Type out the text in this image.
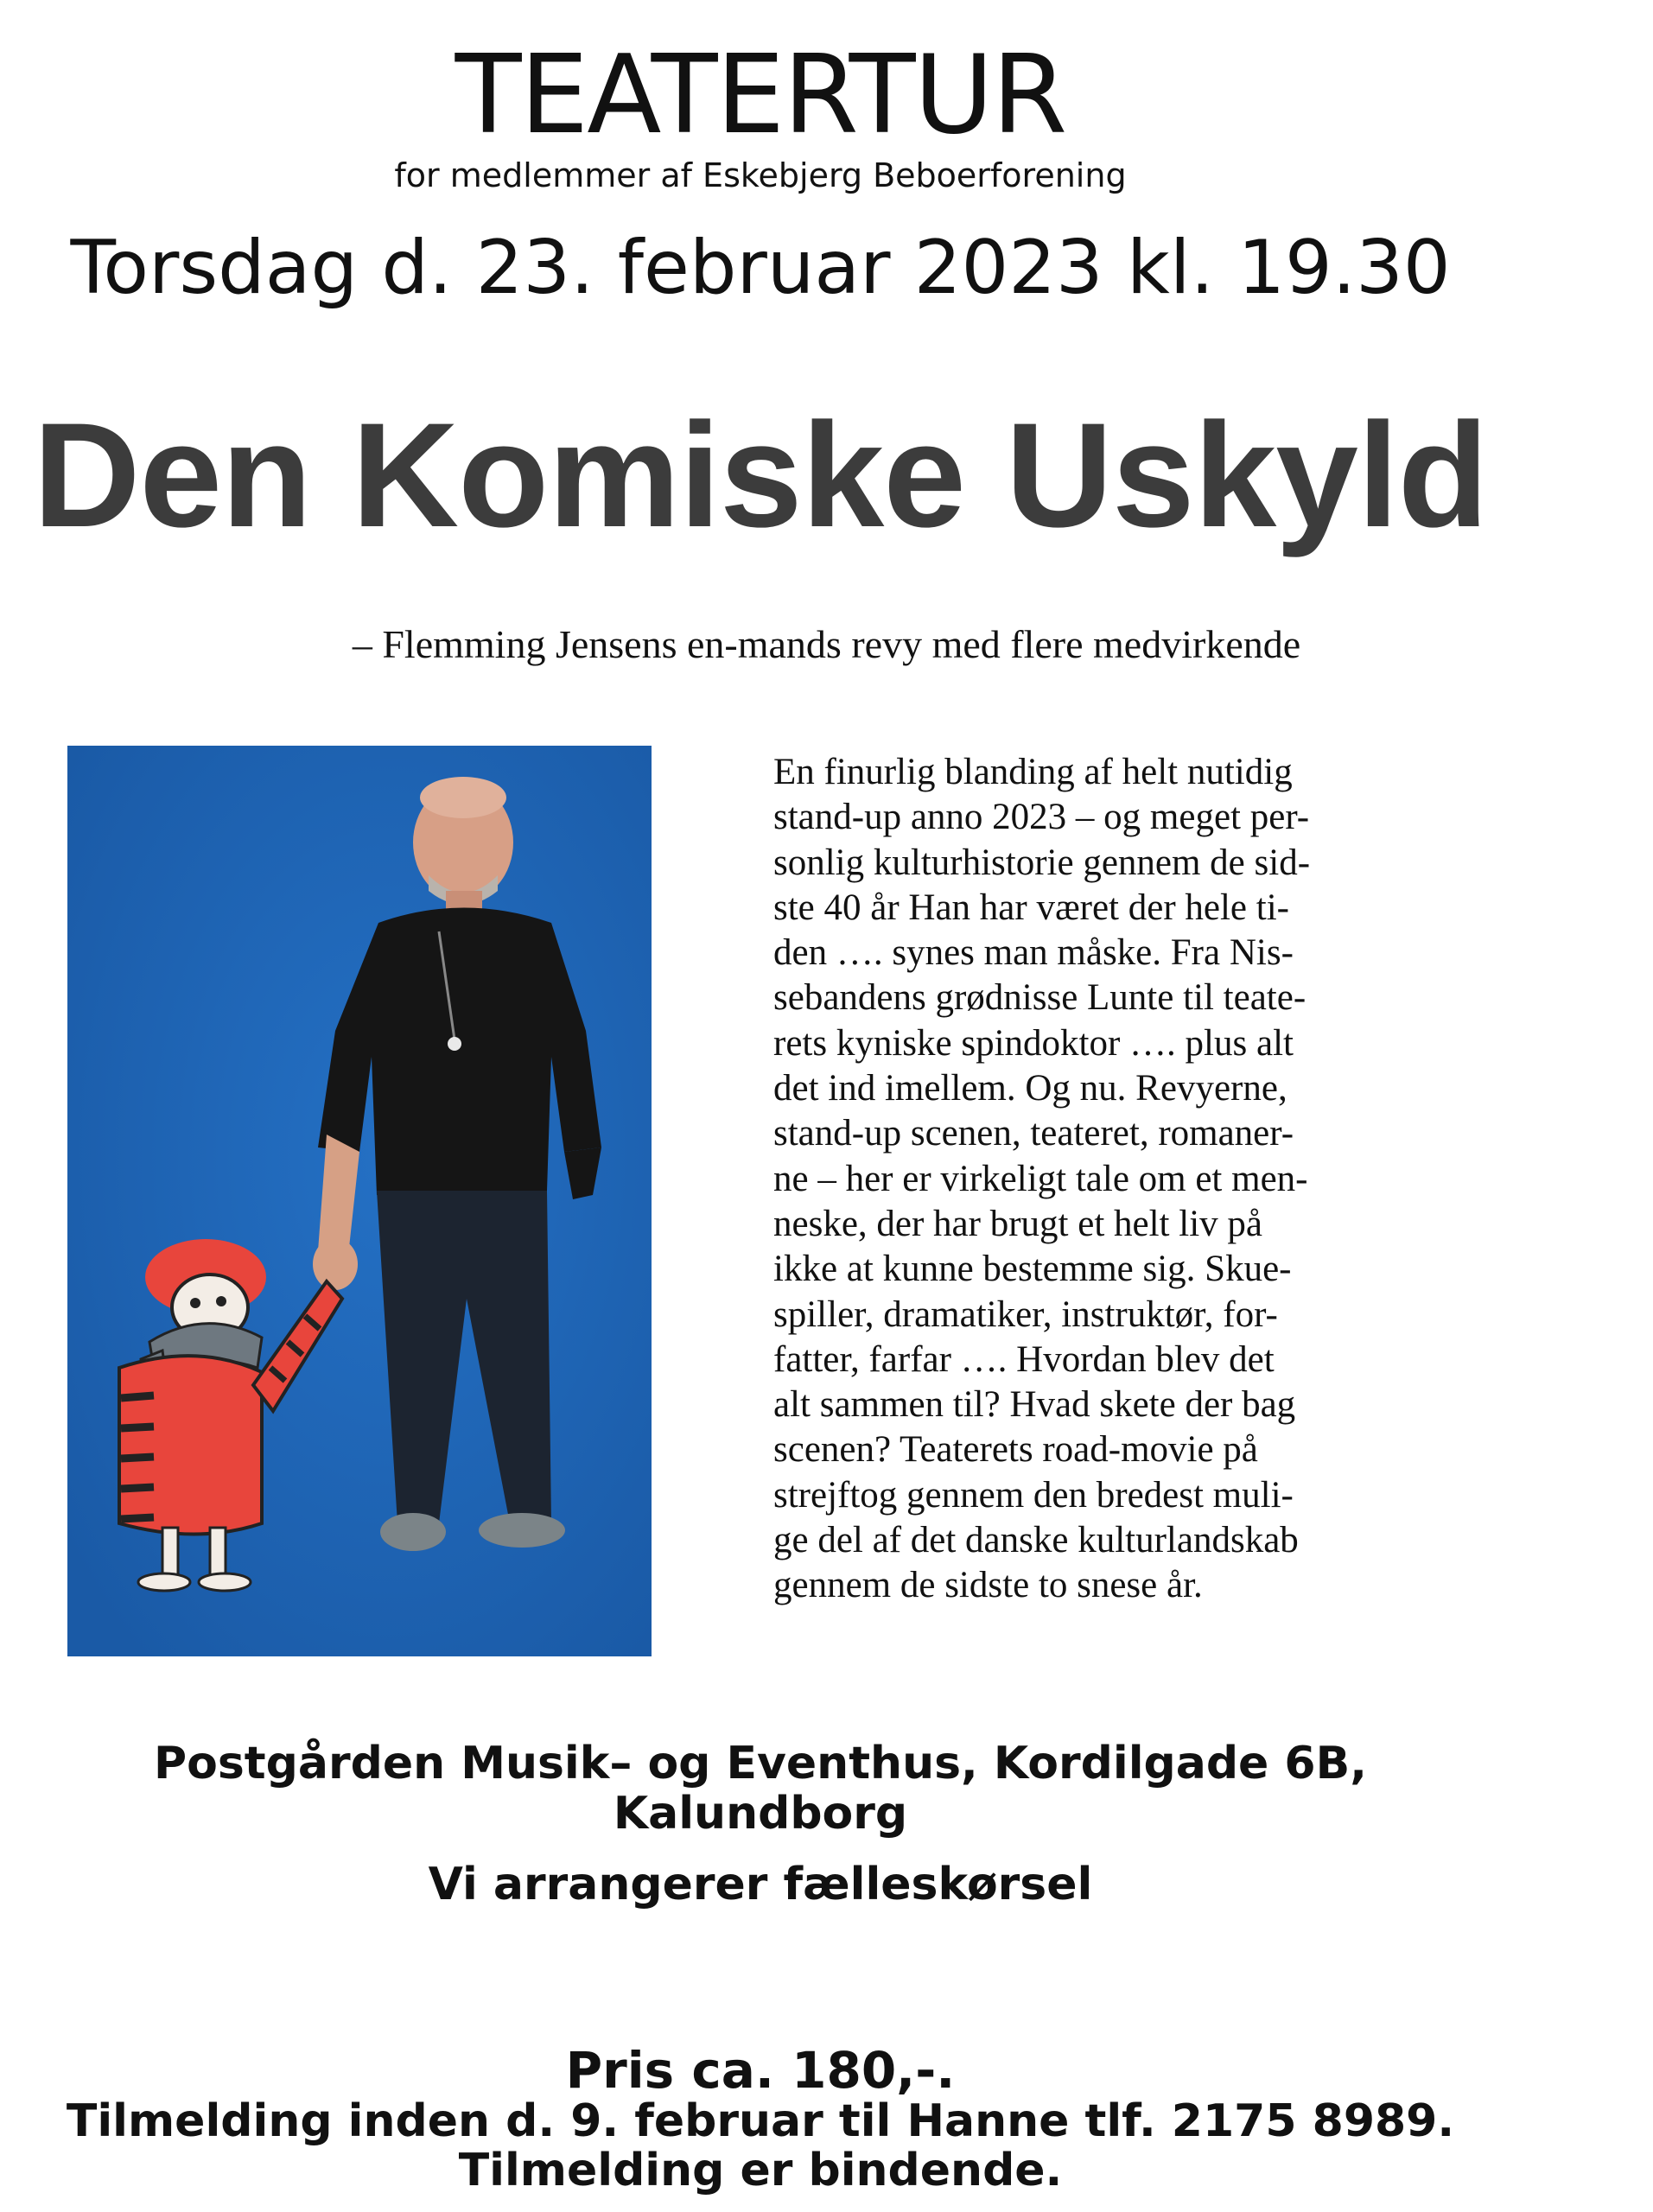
TEATERTUR
for medlemmer af Eskebjerg Beboerforening
Torsdag d. 23. februar 2023 kl. 19.30
Den Komiske Uskyld
– Flemming Jensens en-mands revy med flere medvirkende
En finurlig blanding af helt nutidig
stand-up anno 2023 – og meget per-
sonlig kulturhistorie gennem de sid-
ste 40 år Han har været der hele ti-
den …. synes man måske. Fra Nis-
sebandens grødnisse Lunte til teate-
rets kyniske spindoktor …. plus alt
det ind imellem. Og nu. Revyerne,
stand-up scenen, teateret, romaner-
ne – her er virkeligt tale om et men-
neske, der har brugt et helt liv på
ikke at kunne bestemme sig. Skue-
spiller, dramatiker, instruktør, for-
fatter, farfar …. Hvordan blev det
alt sammen til? Hvad skete der bag
scenen? Teaterets road-movie på
strejftog gennem den bredest muli-
ge del af det danske kulturlandskab
gennem de sidste to snese år.
Postgården Musik– og Eventhus, Kordilgade 6B,
Kalundborg
Vi arrangerer fælleskørsel
Pris ca. 180,-.
Tilmelding inden d. 9. februar til Hanne tlf. 2175 8989.
Tilmelding er bindende.
